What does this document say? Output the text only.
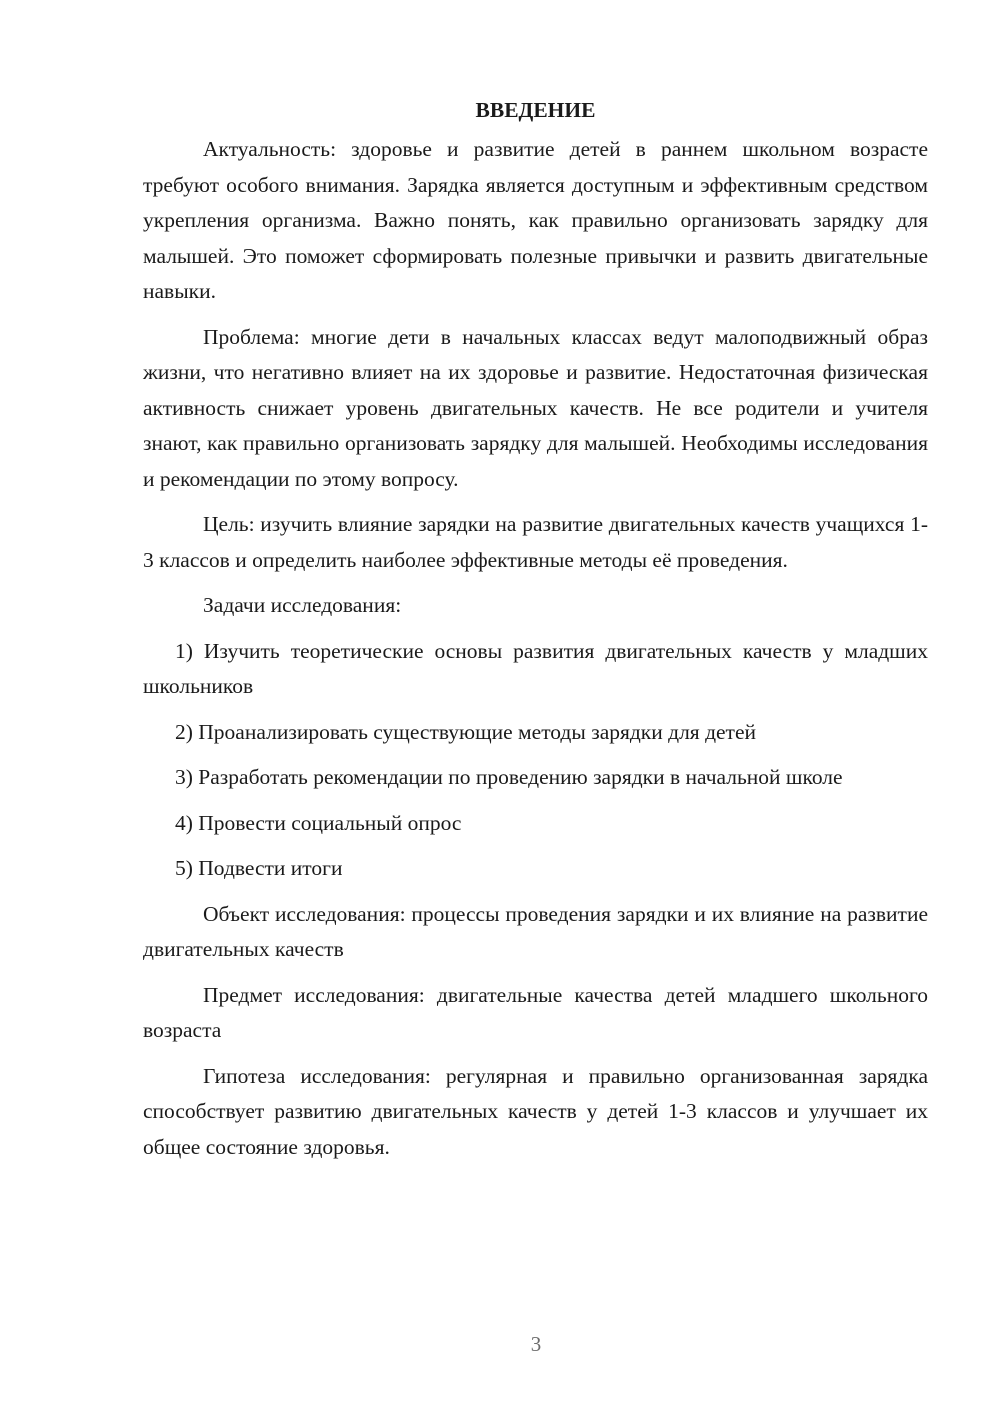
ВВЕДЕНИЕ

Актуальность: здоровье и развитие детей в раннем школьном возрасте требуют особого внимания. Зарядка является доступным и эффективным средством укрепления организма. Важно понять, как правильно организовать зарядку для малышей. Это поможет сформировать полезные привычки и развить двигательные навыки.

Проблема: многие дети в начальных классах ведут малоподвижный образ жизни, что негативно влияет на их здоровье и развитие. Недостаточная физическая активность снижает уровень двигательных качеств. Не все родители и учителя знают, как правильно организовать зарядку для малышей. Необходимы исследования и рекомендации по этому вопросу.

Цель: изучить влияние зарядки на развитие двигательных качеств учащихся 1-3 классов и определить наиболее эффективные методы её проведения.

Задачи исследования:

1) Изучить теоретические основы развития двигательных качеств у младших школьников

2) Проанализировать существующие методы зарядки для детей

3) Разработать рекомендации по проведению зарядки в начальной школе

4) Провести социальный опрос

5) Подвести итоги

Объект исследования: процессы проведения зарядки и их влияние на развитие двигательных качеств

Предмет исследования: двигательные качества детей младшего школьного возраста

Гипотеза исследования: регулярная и правильно организованная зарядка способствует развитию двигательных качеств у детей 1-3 классов и улучшает их общее состояние здоровья.

3
